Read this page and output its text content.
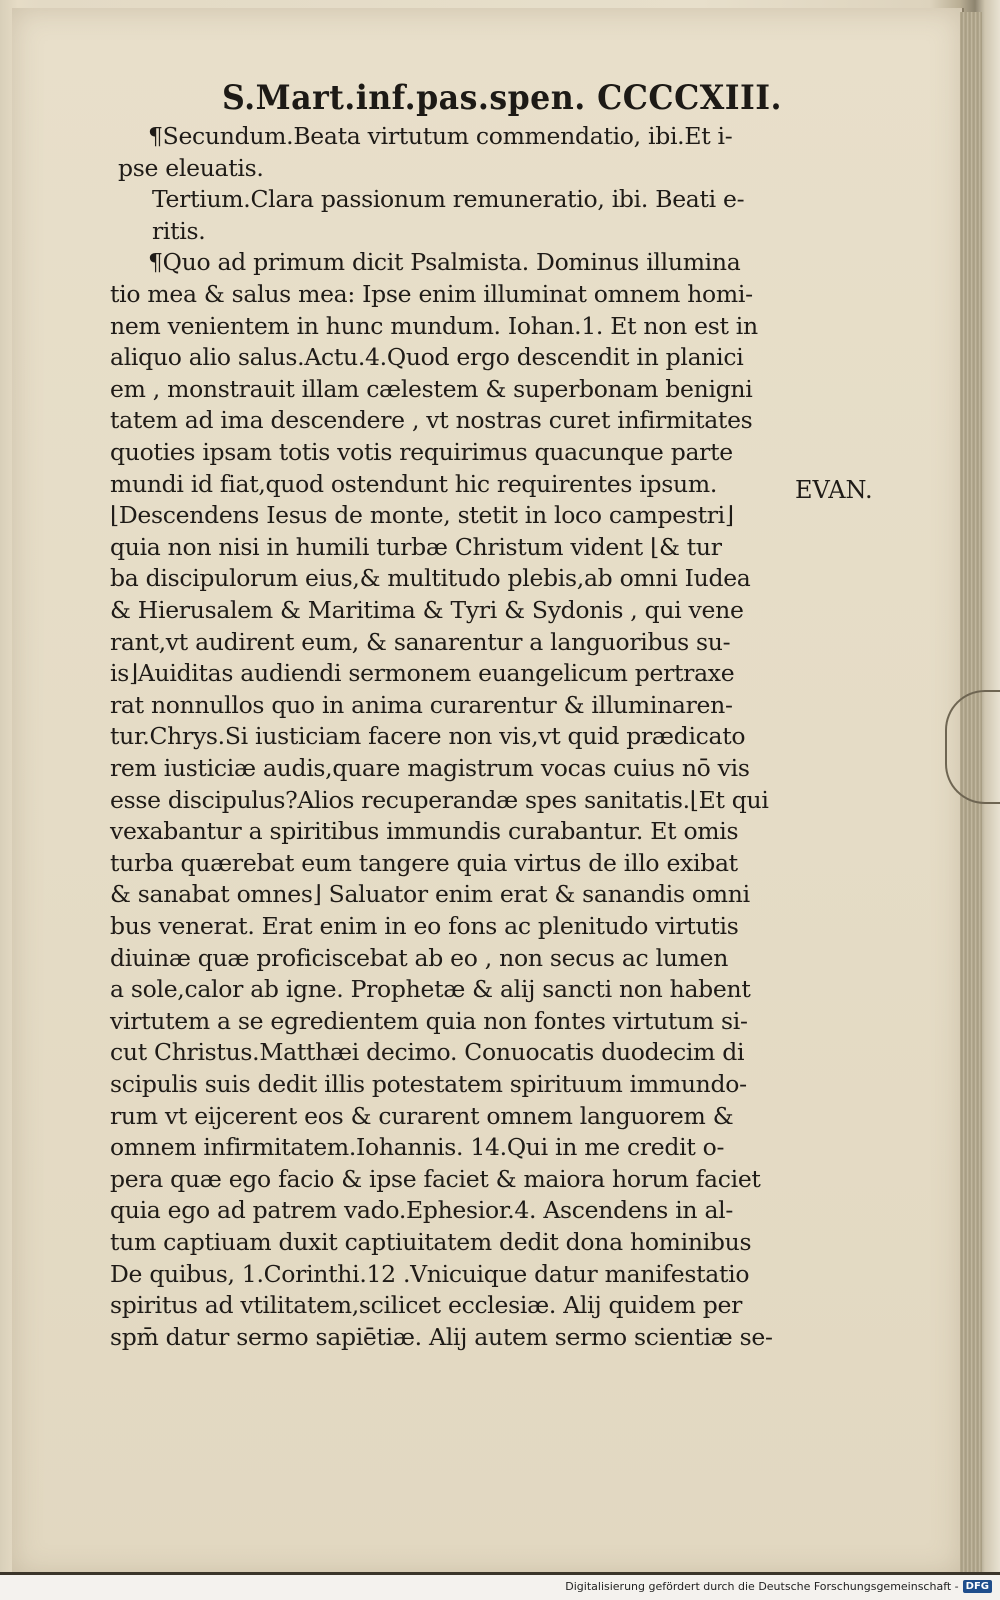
S.Mart.inf.pas.spen. CCCCXIII.
¶Secundum.Beata virtutum commendatio, ibi.Et i-
pse eleuatis.
Tertium.Clara passionum remuneratio, ibi. Beati e-
ritis.
¶Quo ad primum dicit Psalmista. Dominus illumina
tio mea & salus mea: Ipse enim illuminat omnem homi-
nem venientem in hunc mundum. Iohan.1. Et non est in
aliquo alio salus.Actu.4.Quod ergo descendit in planici
em , monstrauit illam cælestem & superbonam benigni
tatem ad ima descendere , vt nostras curet infirmitates
quoties ipsam totis votis requirimus quacunque parte
mundi id fiat,quod ostendunt hic requirentes ipsum.
⌊Descendens Iesus de monte, stetit in loco campestri⌋
quia non nisi in humili turbæ Christum vident ⌊& tur
ba discipulorum eius,& multitudo plebis,ab omni Iudea
& Hierusalem & Maritima & Tyri & Sydonis , qui vene
rant,vt audirent eum, & sanarentur a languoribus su-
is⌋Auiditas audiendi sermonem euangelicum pertraxe
rat nonnullos quo in anima curarentur & illuminaren-
tur.Chrys.Si iusticiam facere non vis,vt quid prædicato
rem iusticiæ audis,quare magistrum vocas cuius nō vis
esse discipulus?Alios recuperandæ spes sanitatis.⌊Et qui
vexabantur a spiritibus immundis curabantur. Et omis
turba quærebat eum tangere quia virtus de illo exibat
& sanabat omnes⌋ Saluator enim erat & sanandis omni
bus venerat. Erat enim in eo fons ac plenitudo virtutis
diuinæ quæ proficiscebat ab eo , non secus ac lumen
a sole,calor ab igne. Prophetæ & alij sancti non habent
virtutem a se egredientem quia non fontes virtutum si-
cut Christus.Matthæi decimo. Conuocatis duodecim di
scipulis suis dedit illis potestatem spirituum immundo-
rum vt eijcerent eos & curarent omnem languorem &
omnem infirmitatem.Iohannis. 14.Qui in me credit o-
pera quæ ego facio & ipse faciet & maiora horum faciet
quia ego ad patrem vado.Ephesior.4. Ascendens in al-
tum captiuam duxit captiuitatem dedit dona hominibus
De quibus, 1.Corinthi.12 .Vnicuique datur manifestatio
spiritus ad vtilitatem,scilicet ecclesiæ. Alij quidem per
spm̄ datur sermo sapiētiæ. Alij autem sermo scientiæ se-
EVAN.
Digitalisierung gefördert durch die Deutsche Forschungsgemeinschaft - DFG
